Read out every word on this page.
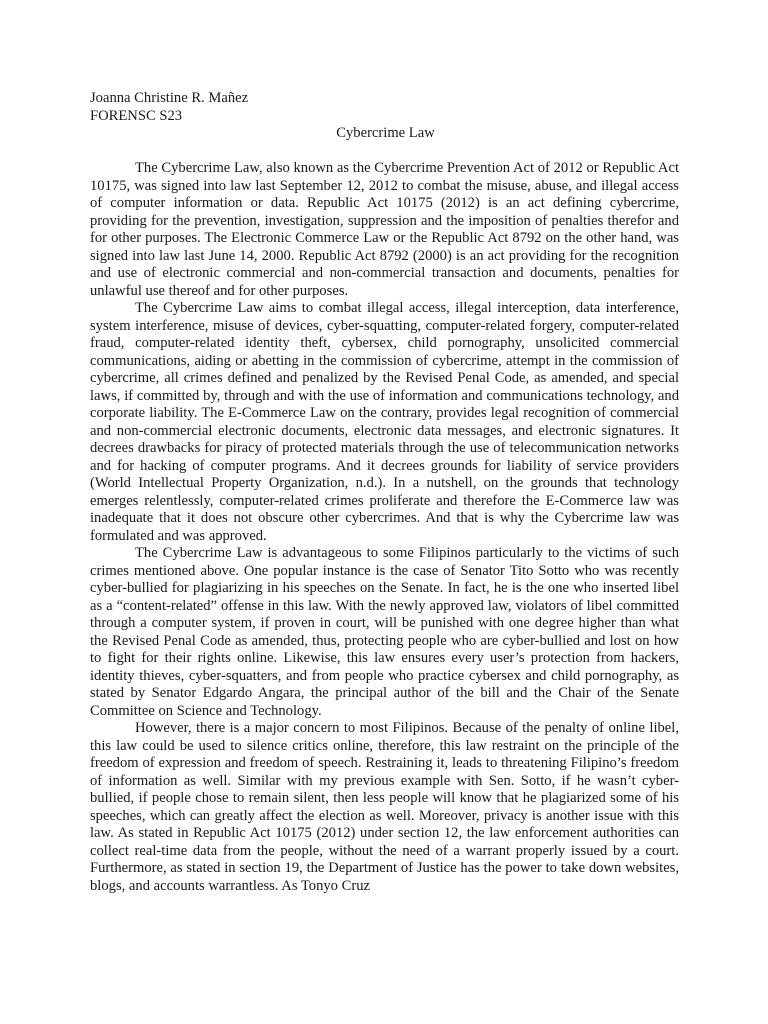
Joanna Christine R. Mañez

FORENSC S23

Cybercrime Law

The Cybercrime Law, also known as the Cybercrime Prevention Act of 2012 or Republic Act 10175, was signed into law last September 12, 2012 to combat the misuse, abuse, and illegal access of computer information or data. Republic Act 10175 (2012) is an act defining cybercrime, providing for the prevention, investigation, suppression and the imposition of penalties therefor and for other purposes. The Electronic Commerce Law or the Republic Act 8792 on the other hand, was signed into law last June 14, 2000. Republic Act 8792 (2000) is an act providing for the recognition and use of electronic commercial and non-commercial transaction and documents, penalties for unlawful use thereof and for other purposes.

The Cybercrime Law aims to combat illegal access, illegal interception, data interference, system interference, misuse of devices, cyber-squatting, computer-related forgery, computer-related fraud, computer-related identity theft, cybersex, child pornography, unsolicited commercial communications, aiding or abetting in the commission of cybercrime, attempt in the commission of cybercrime, all crimes defined and penalized by the Revised Penal Code, as amended, and special laws, if committed by, through and with the use of information and communications technology, and corporate liability. The E-Commerce Law on the contrary, provides legal recognition of commercial and non-commercial electronic documents, electronic data messages, and electronic signatures. It decrees drawbacks for piracy of protected materials through the use of telecommunication networks and for hacking of computer programs. And it decrees grounds for liability of service providers (World Intellectual Property Organization, n.d.). In a nutshell, on the grounds that technology emerges relentlessly, computer-related crimes proliferate and therefore the E-Commerce law was inadequate that it does not obscure other cybercrimes. And that is why the Cybercrime law was formulated and was approved.

The Cybercrime Law is advantageous to some Filipinos particularly to the victims of such crimes mentioned above. One popular instance is the case of Senator Tito Sotto who was recently cyber-bullied for plagiarizing in his speeches on the Senate. In fact, he is the one who inserted libel as a “content-related” offense in this law. With the newly approved law, violators of libel committed through a computer system, if proven in court, will be punished with one degree higher than what the Revised Penal Code as amended, thus, protecting people who are cyber-bullied and lost on how to fight for their rights online. Likewise, this law ensures every user’s protection from hackers, identity thieves, cyber-squatters, and from people who practice cybersex and child pornography, as stated by Senator Edgardo Angara, the principal author of the bill and the Chair of the Senate Committee on Science and Technology.

However, there is a major concern to most Filipinos. Because of the penalty of online libel, this law could be used to silence critics online, therefore, this law restraint on the principle of the freedom of expression and freedom of speech. Restraining it, leads to threatening Filipino’s freedom of information as well. Similar with my previous example with Sen. Sotto, if he wasn’t cyber-bullied, if people chose to remain silent, then less people will know that he plagiarized some of his speeches, which can greatly affect the election as well. Moreover, privacy is another issue with this law. As stated in Republic Act 10175 (2012) under section 12, the law enforcement authorities can collect real-time data from the people, without the need of a warrant properly issued by a court. Furthermore, as stated in section 19, the Department of Justice has the power to take down websites, blogs, and accounts warrantless. As Tonyo Cruz
